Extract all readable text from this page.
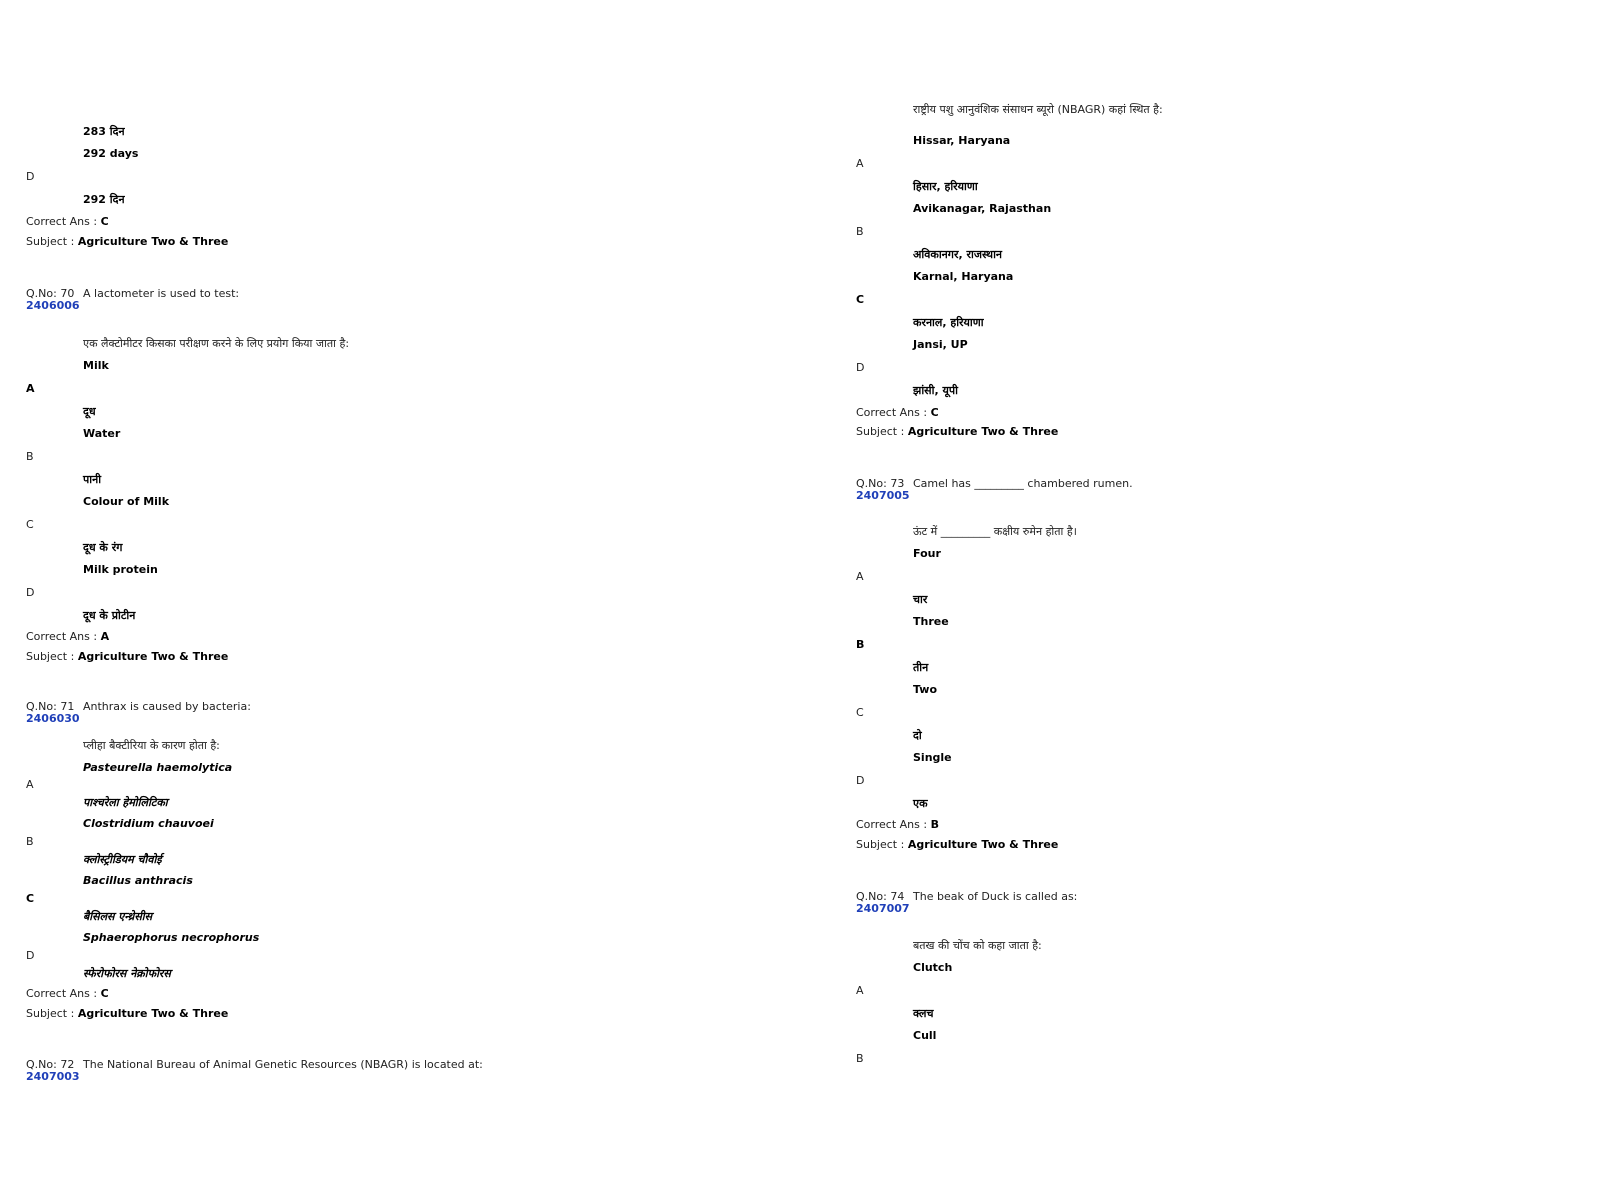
283 दिन
292 days
D
292 दिन
Correct Ans : C
Subject : Agriculture Two & Three
Q.No: 70 A lactometer is used to test:
2406006
एक लैक्टोमीटर किसका परीक्षण करने के लिए प्रयोग किया जाता है:
Milk
A
दूध
Water
B
पानी
Colour of Milk
C
दूध के रंग
Milk protein
D
दूध के प्रोटीन
Correct Ans : A
Subject : Agriculture Two & Three
Q.No: 71 Anthrax is caused by bacteria:
2406030
प्लीहा बैक्टीरिया के कारण होता है:
Pasteurella haemolytica
A
पाश्चरेला हेमोलिटिका
Clostridium chauvoei
B
क्लोस्ट्रीडियम चौवोई
Bacillus anthracis
C
बैसिलस एन्थ्रेसीस
Sphaerophorus necrophorus
D
स्फेरोफोरस नेक्रोफोरस
Correct Ans : C
Subject : Agriculture Two & Three
Q.No: 72 The National Bureau of Animal Genetic Resources (NBAGR) is located at:
2407003
राष्ट्रीय पशु आनुवंशिक संसाधन ब्यूरो (NBAGR) कहां स्थित है:
Hissar, Haryana
A
हिसार, हरियाणा
Avikanagar, Rajasthan
B
अविकानगर, राजस्थान
Karnal, Haryana
C
करनाल, हरियाणा
Jansi, UP
D
झांसी, यूपी
Correct Ans : C
Subject : Agriculture Two & Three
Q.No: 73 Camel has _________ chambered rumen.
2407005
ऊंट में _________ कक्षीय रुमेन होता है।
Four
A
चार
Three
B
तीन
Two
C
दो
Single
D
एक
Correct Ans : B
Subject : Agriculture Two & Three
Q.No: 74 The beak of Duck is called as:
2407007
बतख की चोंच को कहा जाता है:
Clutch
A
क्लच
Cull
B
